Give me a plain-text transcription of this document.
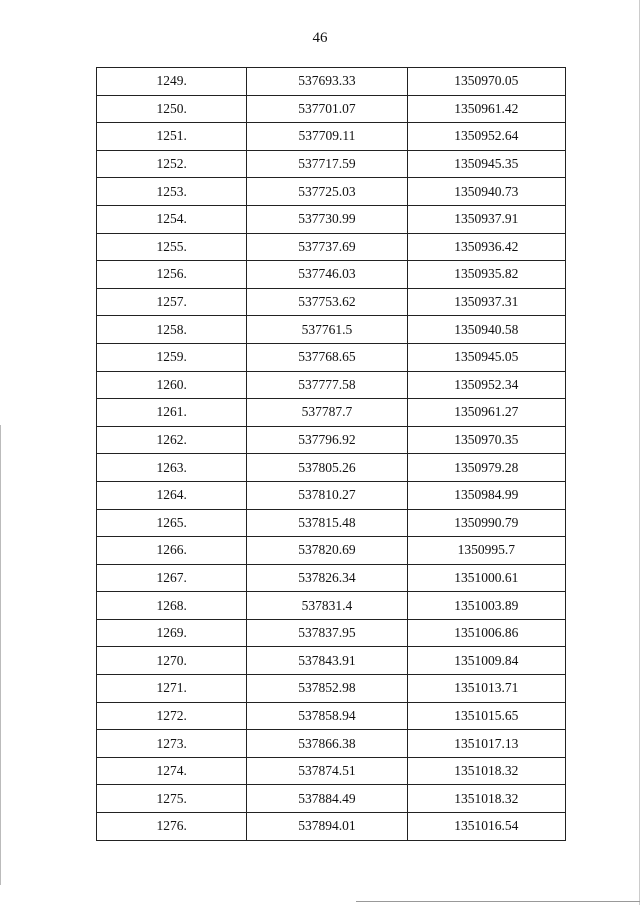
46
1249.	537693.33	1350970.05
1250.	537701.07	1350961.42
1251.	537709.11	1350952.64
1252.	537717.59	1350945.35
1253.	537725.03	1350940.73
1254.	537730.99	1350937.91
1255.	537737.69	1350936.42
1256.	537746.03	1350935.82
1257.	537753.62	1350937.31
1258.	537761.5	1350940.58
1259.	537768.65	1350945.05
1260.	537777.58	1350952.34
1261.	537787.7	1350961.27
1262.	537796.92	1350970.35
1263.	537805.26	1350979.28
1264.	537810.27	1350984.99
1265.	537815.48	1350990.79
1266.	537820.69	1350995.7
1267.	537826.34	1351000.61
1268.	537831.4	1351003.89
1269.	537837.95	1351006.86
1270.	537843.91	1351009.84
1271.	537852.98	1351013.71
1272.	537858.94	1351015.65
1273.	537866.38	1351017.13
1274.	537874.51	1351018.32
1275.	537884.49	1351018.32
1276.	537894.01	1351016.54
